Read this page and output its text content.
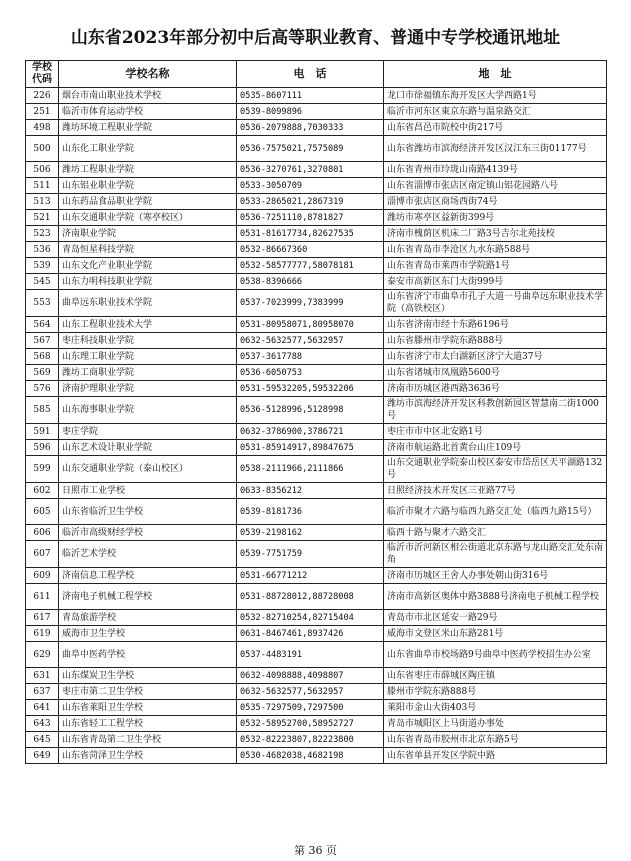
山东省2023年部分初中后高等职业教育、普通中专学校通讯地址
学校代码	学校名称	电　话	地　址
226	烟台市南山职业技术学校	0535-8607111	龙口市徐福镇东海开发区大学西路1号
251	临沂市体育运动学校	0539-8099896	临沂市河东区東京东路与温泉路交汇
498	潍坊环境工程职业学院	0536-2079888,7030333	山东省昌邑市院校中街217号
500	山东化工职业学院	0536-7575021,7575089	山东省潍坊市滨海经济开发区汉江东三街01177号
506	潍坊工程职业学院	0536-3270761,3270801	山东省青州市玲珑山南路4139号
511	山东铝业职业学院	0533-3050709	山东省淄博市张店区南定镇山铝花园路八号
513	山东药品食品职业学院	0533-2865021,2867319	淄博市张店区商场西街74号
521	山东交通职业学院（寒亭校区）	0536-7251110,8781827	潍坊市寒亭区益新街399号
523	济南职业学院	0531-81617734,82627535	济南市槐荫区机床二厂路3号吉尔北苑技校
536	青岛恒星科技学院	0532-86667360	山东省青岛市李沧区九水东路588号
539	山东文化产业职业学院	0532-58577777,58078181	山东省青岛市莱西市学院路1号
545	山东力明科技职业学院	0538-8396666	泰安市高新区东门大街999号
553	曲阜远东职业技术学院	0537-7023999,7383999	山东省济宁市曲阜市孔子大道一号曲阜远东职业技术学院（高铁校区）
564	山东工程职业技术大学	0531-80958071,80958070	山东省济南市经十东路6196号
567	枣庄科技职业学院	0632-5632577,5632957	山东省滕州市学院东路888号
568	山东理工职业学院	0537-3617788	山东省济宁市太白湖新区济宁大道37号
569	潍坊工商职业学院	0536-6050753	山东省诸城市凤凰路5600号
576	济南护理职业学院	0531-59532205,59532206	济南市历城区港西路3636号
585	山东海事职业学院	0536-5128996,5128998	潍坊市滨海经济开发区科教创新园区智慧南二街1000号
591	枣庄学院	0632-3786900,3786721	枣庄市市中区北安路1号
596	山东艺术设计职业学院	0531-85914917,89847675	济南市航运路北首黄台山庄109号
599	山东交通职业学院（泰山校区）	0538-2111966,2111866	山东交通职业学院泰山校区泰安市岱岳区天平湖路132号
602	日照市工业学校	0633-8356212	日照经济技术开发区三亚路77号
605	山东省临沂卫生学校	0539-8181736	临沂市聚才六路与临西九路交汇处（临西九路15号）
606	临沂市高级财经学校	0539-2198162	临西十路与聚才六路交汇
607	临沂艺术学校	0539-7751759	临沂市沂河新区相公街道北京东路与龙山路交汇处东南角
609	济南信息工程学校	0531-66771212	济南市历城区王舍人办事处朝山街316号
611	济南电子机械工程学校	0531-88728012,88728008	济南市高新区奥体中路3888号济南电子机械工程学校
617	青岛旅游学校	0532-82710254,82715404	青岛市市北区延安一路29号
619	威海市卫生学校	0631-8467461,8937426	威海市文登区米山东路281号
629	曲阜中医药学校	0537-4483191	山东省曲阜市校场路9号曲阜中医药学校招生办公室
631	山东煤炭卫生学校	0632-4098888,4098807	山东省枣庄市薛城区陶庄镇
637	枣庄市第二卫生学校	0632-5632577,5632957	滕州市学院东路888号
641	山东省莱阳卫生学校	0535-7297509,7297500	莱阳市金山大街403号
643	山东省轻工工程学校	0532-58952700,58952727	青岛市城阳区上马街道办事处
645	山东省青岛第二卫生学校	0532-82223807,82223800	山东省青岛市胶州市北京东路5号
649	山东省菏泽卫生学校	0530-4682038,4682198	山东省单县开发区学院中路
第 36 页
